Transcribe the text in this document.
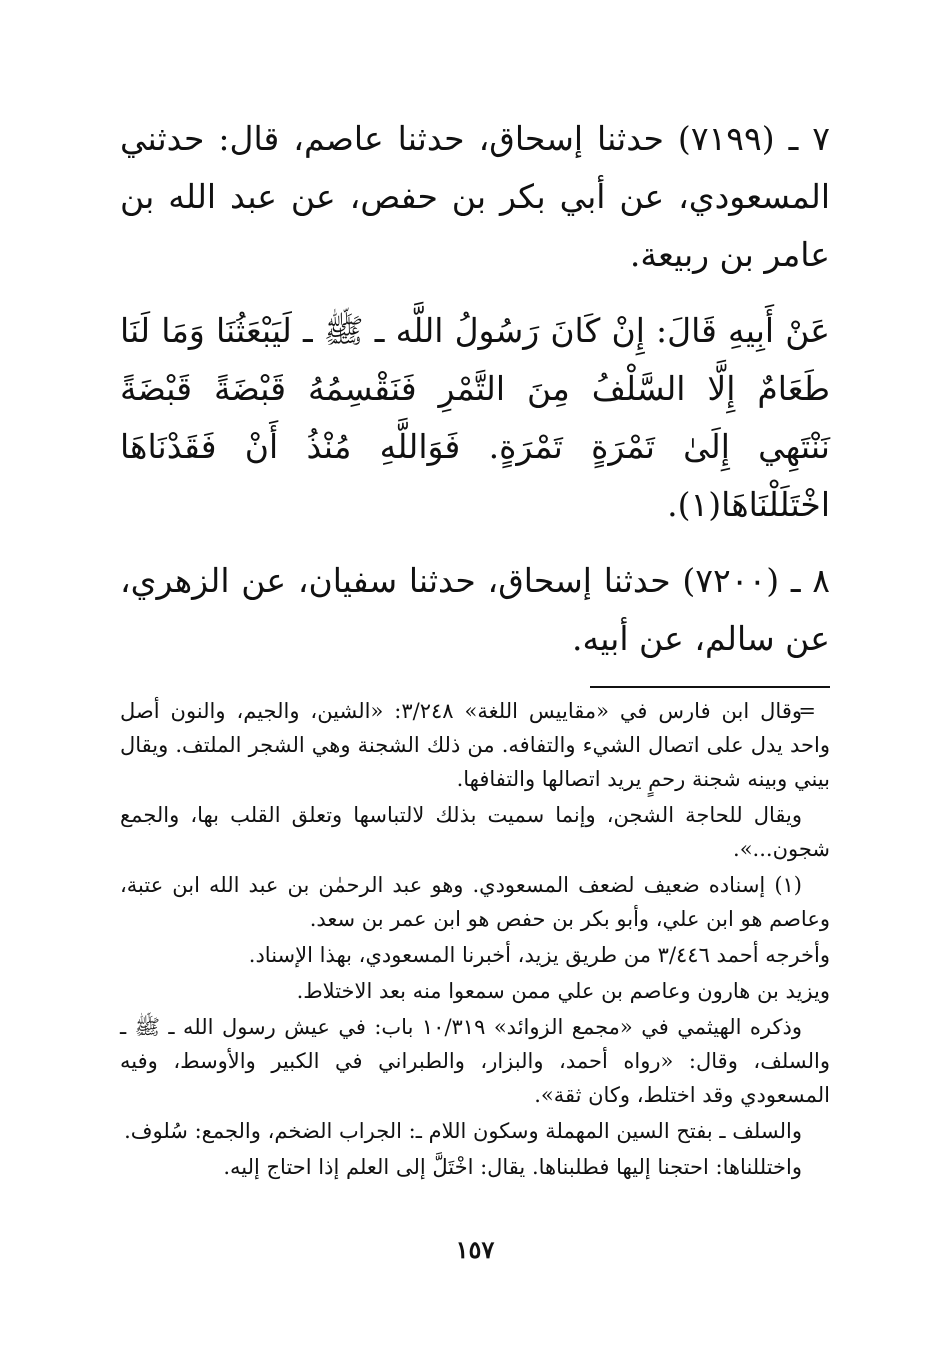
٧ ـ (٧١٩٩) حدثنا إسحاق، حدثنا عاصم، قال: حدثني المسعودي، عن أبي بكر بن حفص، عن عبد الله بن عامر بن ربيعة.

عَنْ أَبِيهِ قَالَ: إِنْ كَانَ رَسُولُ اللَّه ـ ﷺ ـ لَيَبْعَثُنَا وَمَا لَنَا طَعَامٌ إِلَّا السَّلْفُ مِنَ التَّمْرِ فَنَقْسِمُهُ قَبْضَةً قَبْضَةً نَنْتَهِي إِلَىٰ تَمْرَةٍ تَمْرَةٍ. فَوَاللَّهِ مُنْذُ أَنْ فَقَدْنَاهَا اخْتَلَلْنَاهَا(١).

٨ ـ (٧٢٠٠) حدثنا إسحاق، حدثنا سفيان، عن الزهري، عن سالم، عن أبيه.

=
وقال ابن فارس في «مقاييس اللغة» ٣/٢٤٨: «الشين، والجيم، والنون أصل واحد يدل على اتصال الشيء والتفافه. من ذلك الشجنة وهي الشجر الملتف. ويقال بيني وبينه شجنة رحمٍ يريد اتصالها والتفافها.

ويقال للحاجة الشجن، وإنما سميت بذلك لالتباسها وتعلق القلب بها، والجمع شجون...».

(١) إسناده ضعيف لضعف المسعودي. وهو عبد الرحمٰن بن عبد الله ابن عتبة، وعاصم هو ابن علي، وأبو بكر بن حفص هو ابن عمر بن سعد.

وأخرجه أحمد ٣/٤٤٦ من طريق يزيد، أخبرنا المسعودي، بهذا الإسناد.

ويزيد بن هارون وعاصم بن علي ممن سمعوا منه بعد الاختلاط.

وذكره الهيثمي في «مجمع الزوائد» ١٠/٣١٩ باب: في عيش رسول الله ـ ﷺ ـ والسلف، وقال: «رواه أحمد، والبزار، والطبراني في الكبير والأوسط، وفيه المسعودي وقد اختلط، وكان ثقة».

والسلف ـ بفتح السين المهملة وسكون اللام ـ: الجراب الضخم، والجمع: سُلوف.

واختللناها: احتجنا إليها فطلبناها. يقال: اخْتَلَّ إلى العلم إذا احتاج إليه.

١٥٧
